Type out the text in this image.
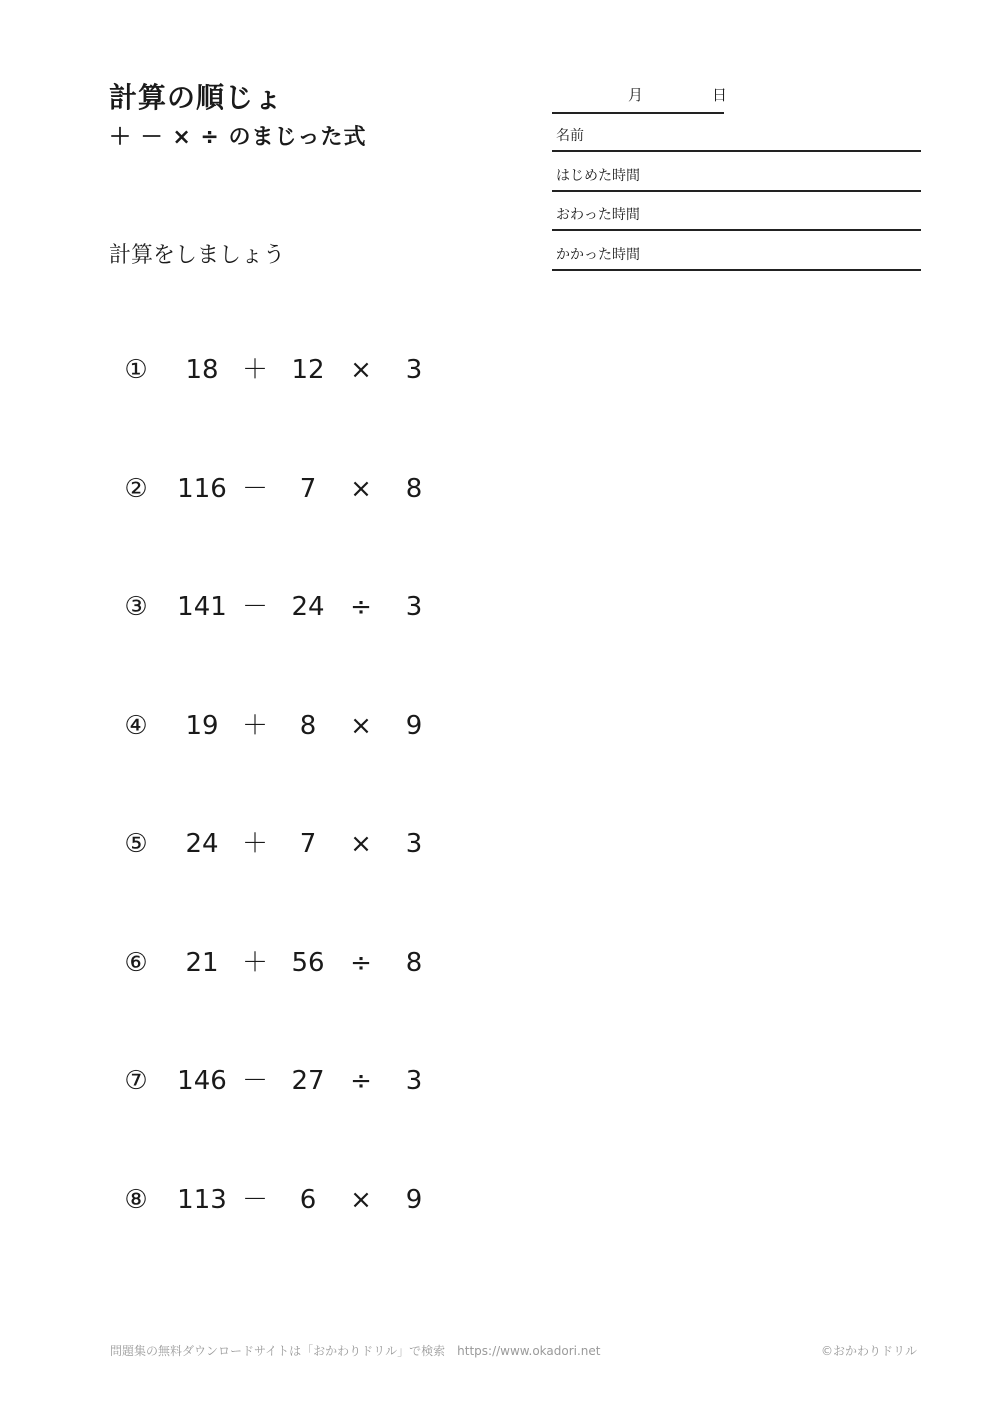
計算の順じょ
＋ － × ÷ のまじった式
計算をしましょう
月	日
名前
はじめた時間
おわった時間
かかった時間
①	18 ＋ 12 ×	3
②	116 －	7	×	8
③	141 － 24 ÷	3
④	19 ＋	8	×	9
⑤	24 ＋	7	×	3
⑥	21 ＋ 56 ÷	8
⑦	146 － 27 ÷	3
⑧	113 －	6	×	9
問題集の無料ダウンロードサイトは「おかわりドリル」で検索　https://www.okadori.net	©おかわりドリル
